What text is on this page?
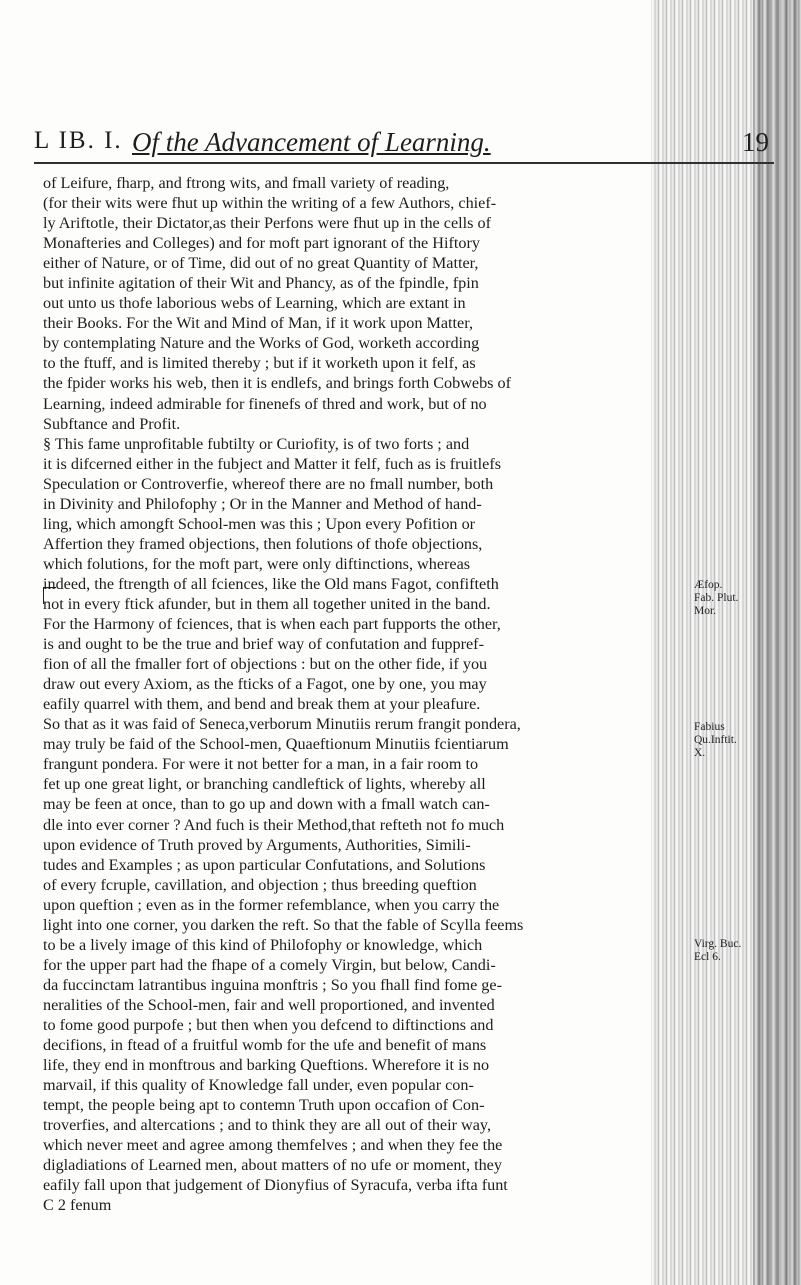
L IB. I. Of the Advancement of Learning.	19
of Leifure, fharp, and ftrong wits, and fmall variety of reading,
(for their wits were fhut up within the writing of a few Authors, chief-
ly Ariftotle, their Dictator,as their Perfons were fhut up in the cells of
Monafteries and Colleges) and for moft part ignorant of the Hiftory
either of Nature, or of Time, did out of no great Quantity of Matter,
but infinite agitation of their Wit and Phancy, as of the fpindle, fpin
out unto us thofe laborious webs of Learning, which are extant in
their Books. For the Wit and Mind of Man, if it work upon Matter,
by contemplating Nature and the Works of God, worketh according
to the ftuff, and is limited thereby ; but if it worketh upon it felf, as
the fpider works his web, then it is endlefs, and brings forth Cobwebs of
Learning, indeed admirable for finenefs of thred and work, but of no
Subftance and Profit.
§ This fame unprofitable fubtilty or Curiofity, is of two forts ; and
it is difcerned either in the fubject and Matter it felf, fuch as is fruitlefs
Speculation or Controverfie, whereof there are no fmall number, both
in Divinity and Philofophy ; Or in the Manner and Method of hand-
ling, which amongft School-men was this ; Upon every Pofition or
Affertion they framed objections, then folutions of thofe objections,
which folutions, for the moft part, were only diftinctions, whereas
indeed, the ftrength of all fciences, like the Old mans Fagot, confifteth
not in every ftick afunder, but in them all together united in the band.
For the Harmony of fciences, that is when each part fupports the other,
is and ought to be the true and brief way of confutation and fuppref-
fion of all the fmaller fort of objections : but on the other fide, if you
draw out every Axiom, as the fticks of a Fagot, one by one, you may
eafily quarrel with them, and bend and break them at your pleafure.
So that as it was faid of Seneca,verborum Minutiis rerum frangit pondera,
may truly be faid of the School-men, Quaeftionum Minutiis fcientiarum
frangunt pondera. For were it not better for a man, in a fair room to
fet up one great light, or branching candleftick of lights, whereby all
may be feen at once, than to go up and down with a fmall watch can-
dle into ever corner ? And fuch is their Method,that refteth not fo much
upon evidence of Truth proved by Arguments, Authorities, Simili-
tudes and Examples ; as upon particular Confutations, and Solutions
of every fcruple, cavillation, and objection ; thus breeding queftion
upon queftion ; even as in the former refemblance, when you carry the
light into one corner, you darken the reft. So that the fable of Scylla feems
to be a lively image of this kind of Philofophy or knowledge, which
for the upper part had the fhape of a comely Virgin, but below, Candi-
da fuccinctam latrantibus inguina monftris ; So you fhall find fome ge-
neralities of the School-men, fair and well proportioned, and invented
to fome good purpofe ; but then when you defcend to diftinctions and
decifions, in ftead of a fruitful womb for the ufe and benefit of mans
life, they end in monftrous and barking Queftions. Wherefore it is no
marvail, if this quality of Knowledge fall under, even popular con-
tempt, the people being apt to contemn Truth upon occafion of Con-
troverfies, and altercations ; and to think they are all out of their way,
which never meet and agree among themfelves ; and when they fee the
digladiations of Learned men, about matters of no ufe or moment, they
eafily fall upon that judgement of Dionyfius of Syracufa, verba ifta funt
C 2 fenum
Æfop.
Fab. Plut.
Mor.
Fabius
Qu.Inftit.
X.
Virg. Buc.
Ecl 6.
